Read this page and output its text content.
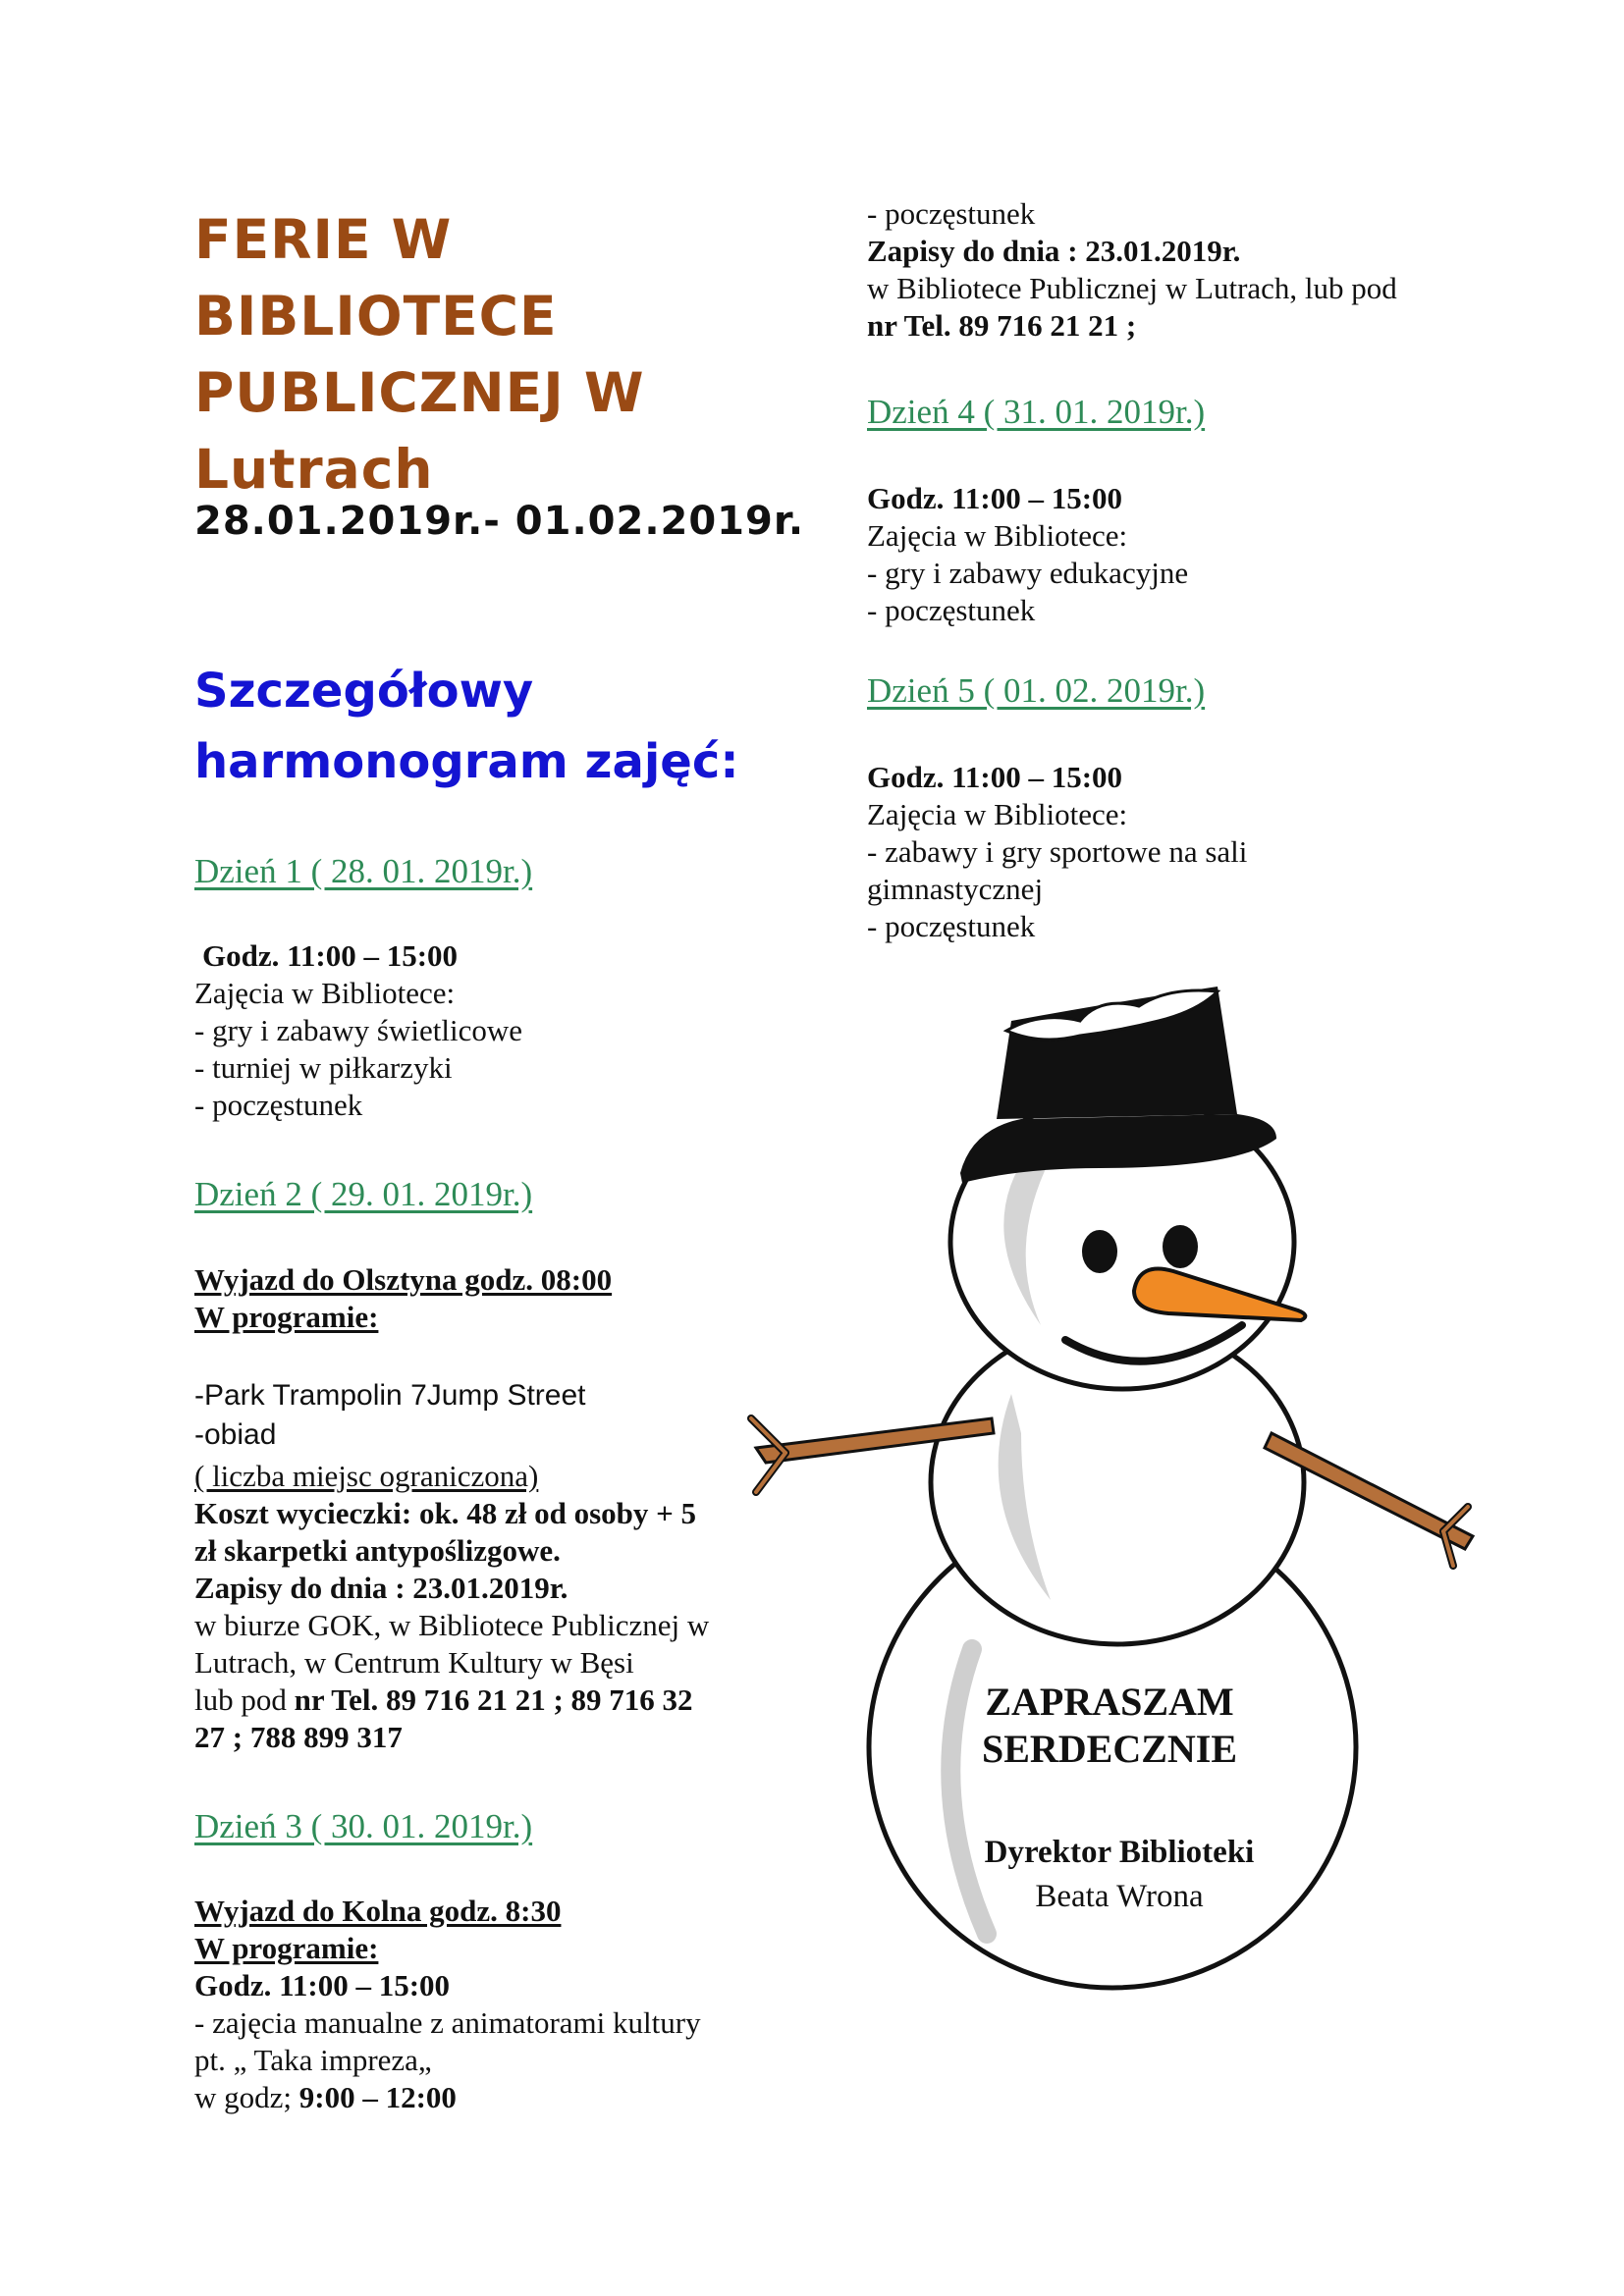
FERIE W
BIBLIOTECE
PUBLICZNEJ W
Lutrach
28.01.2019r.- 01.02.2019r.
Szczegółowy
harmonogram zajęć:
Dzień 1 ( 28. 01. 2019r.)
Godz. 11:00 – 15:00
Zajęcia w Bibliotece:
- gry i zabawy świetlicowe
- turniej w piłkarzyki
- poczęstunek
Dzień 2 ( 29. 01. 2019r.)
Wyjazd do Olsztyna godz. 08:00
W programie:
-Park Trampolin 7Jump Street
-obiad
( liczba miejsc ograniczona)
Koszt wycieczki: ok. 48 zł od osoby + 5
zł skarpetki antypoślizgowe.
Zapisy do dnia : 23.01.2019r.
w biurze GOK, w Bibliotece Publicznej w
Lutrach, w Centrum Kultury w Bęsi
lub pod nr Tel. 89 716 21 21 ; 89 716 32
27 ; 788 899 317
Dzień 3 ( 30. 01. 2019r.)
Wyjazd do Kolna godz. 8:30
W programie:
Godz. 11:00 – 15:00
- zajęcia manualne z animatorami kultury
pt. „ Taka impreza„
w godz; 9:00 – 12:00
- poczęstunek
Zapisy do dnia : 23.01.2019r.
w Bibliotece Publicznej w Lutrach, lub pod
nr Tel. 89 716 21 21 ;
Dzień 4 ( 31. 01. 2019r.)
Godz. 11:00 – 15:00
Zajęcia w Bibliotece:
- gry i zabawy edukacyjne
- poczęstunek
Dzień 5 ( 01. 02. 2019r.)
Godz. 11:00 – 15:00
Zajęcia w Bibliotece:
- zabawy i gry sportowe na sali
gimnastycznej
- poczęstunek
ZAPRASZAM
SERDECZNIE
Dyrektor Biblioteki
Beata Wrona
